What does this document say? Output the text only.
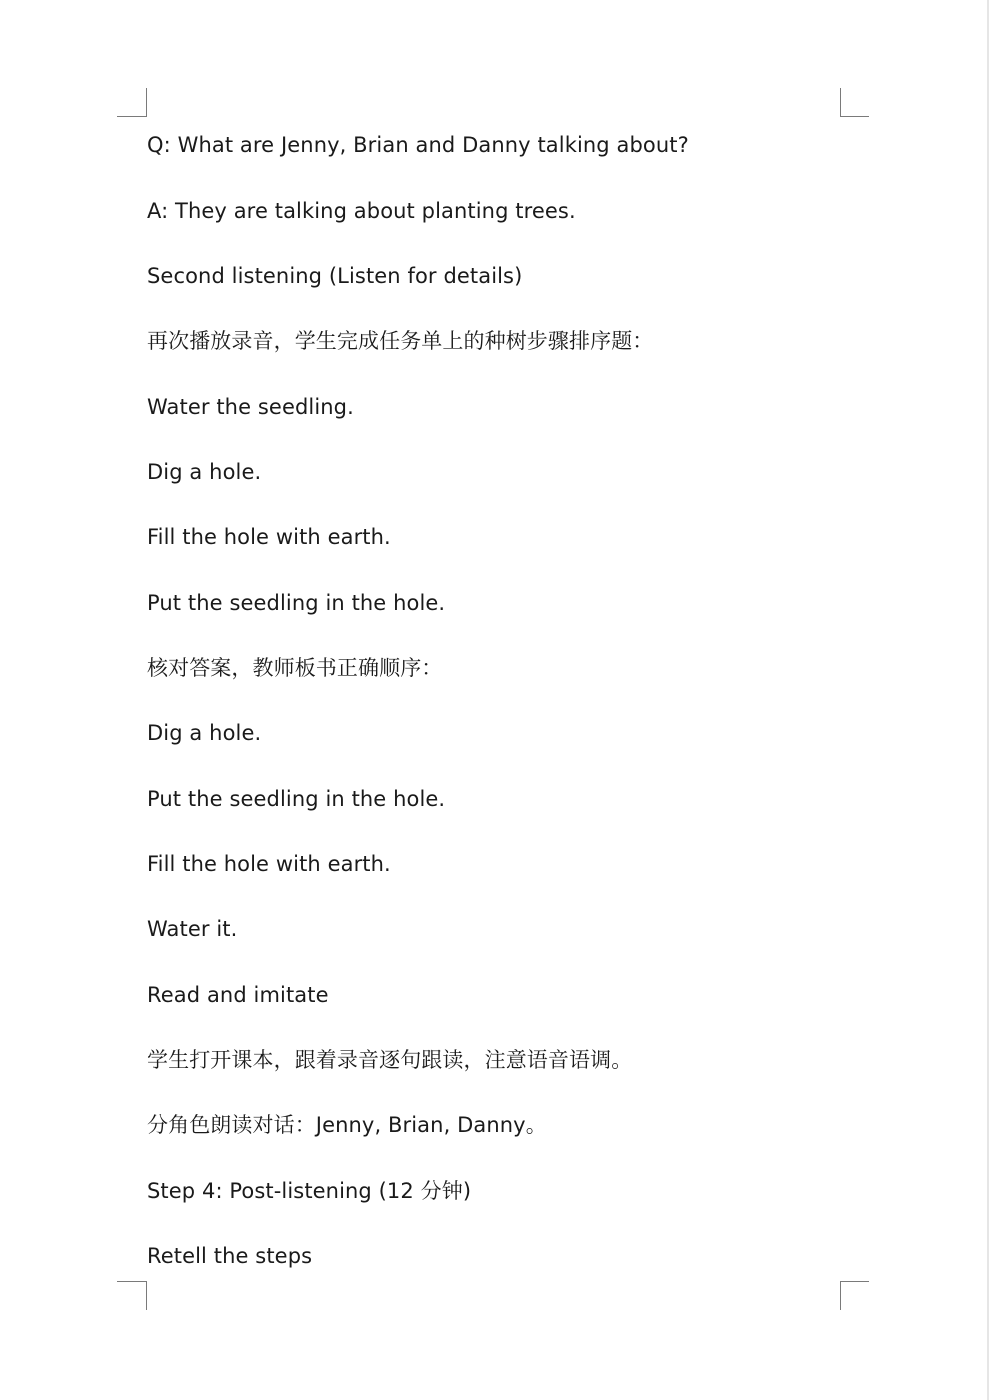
Q: What are Jenny, Brian and Danny talking about?

A: They are talking about planting trees.

Second listening (Listen for details)

再次播放录音，学生完成任务单上的种树步骤排序题：

Water the seedling.

Dig a hole.

Fill the hole with earth.

Put the seedling in the hole.

核对答案，教师板书正确顺序：

Dig a hole.

Put the seedling in the hole.

Fill the hole with earth.

Water it.

Read and imitate

学生打开课本，跟着录音逐句跟读，注意语音语调。

分角色朗读对话：Jenny, Brian, Danny。

Step 4: Post-listening (12 分钟)

Retell the steps
